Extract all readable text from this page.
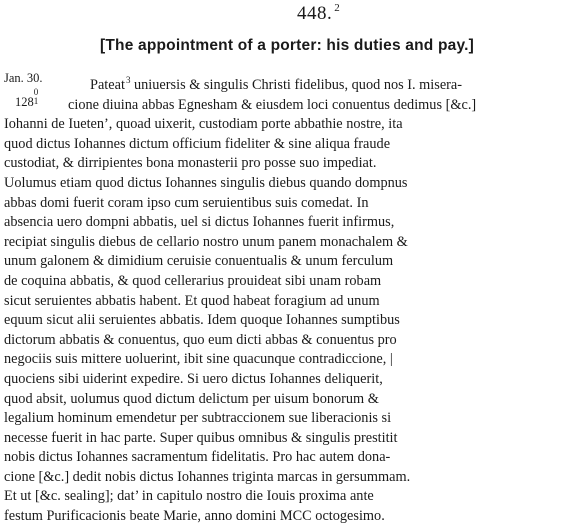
448. $^2$
[The appointment of a porter: his duties and pay.]
Jan. 30.
1280
1
Pateat$^3$ uniuersis & singulis Christi fidelibus, quod nos I. misera-
cione diuina abbas Egnesham & eiusdem loci conuentus dedimus [&c.]
Iohanni de Iueten’, quoad uixerit, custodiam porte abbathie nostre, ita
quod dictus Iohannes dictum officium fideliter & sine aliqua fraude
custodiat, & dirripientes bona monasterii pro posse suo impediat.
Uolumus etiam quod dictus Iohannes singulis diebus quando dompnus
abbas domi fuerit coram ipso cum seruientibus suis comedat. In
absencia uero dompni abbatis, uel si dictus Iohannes fuerit infirmus,
recipiat singulis diebus de cellario nostro unum panem monachalem &
unum galonem & dimidium ceruisie conuentualis & unum ferculum
de coquina abbatis, & quod cellerarius prouideat sibi unam robam
sicut seruientes abbatis habent. Et quod habeat foragium ad unum
equum sicut alii seruientes abbatis. Idem quoque Iohannes sumptibus
dictorum abbatis & conuentus, quo eum dicti abbas & conuentus pro
negociis suis mittere uoluerint, ibit sine quacunque contradiccione, |
quociens sibi uiderint expedire. Si uero dictus Iohannes deliquerit,
quod absit, uolumus quod dictum delictum per uisum bonorum &
legalium hominum emendetur per subtraccionem sue liberacionis si
necesse fuerit in hac parte. Super quibus omnibus & singulis prestitit
nobis dictus Iohannes sacramentum fidelitatis. Pro hac autem dona-
cione [&c.] dedit nobis dictus Iohannes triginta marcas in gersummam.
Et ut [&c. sealing]; dat’ in capitulo nostro die Iouis proxima ante
festum Purificacionis beate Marie, anno domini MCC octogesimo.
